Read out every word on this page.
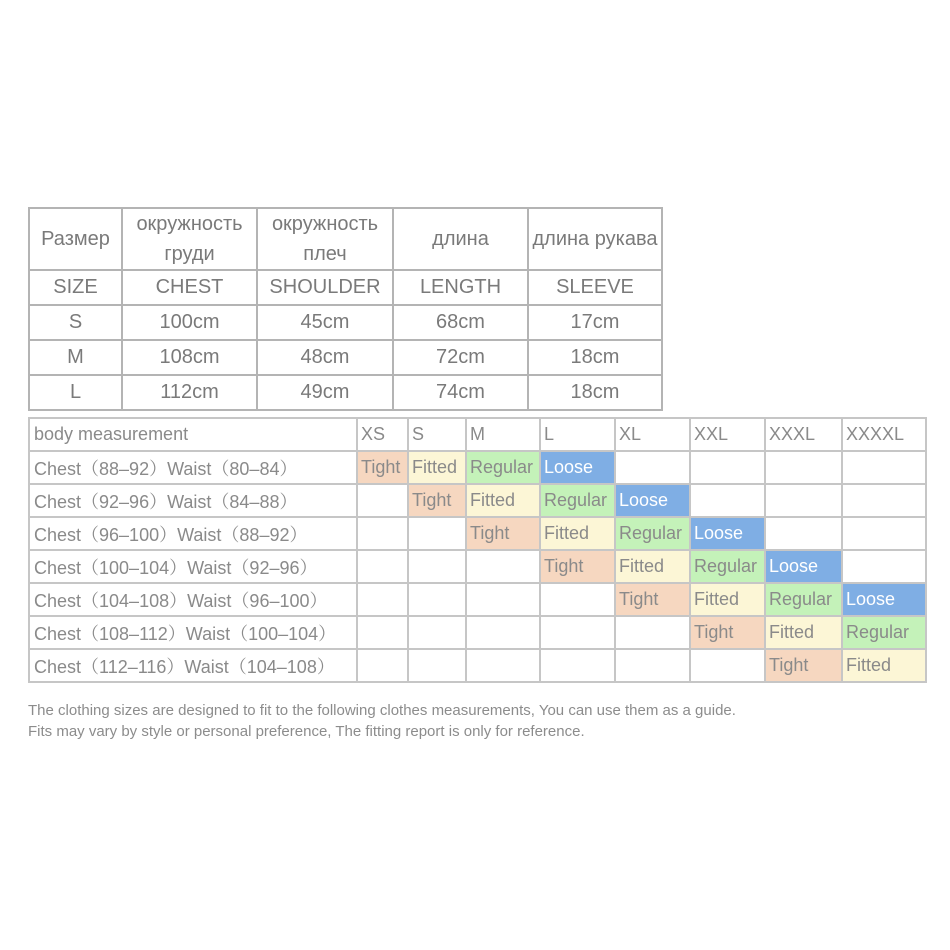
Размер	окружность груди	окружность плеч	длина	длина рукава
SIZE	CHEST	SHOULDER	LENGTH	SLEEVE
S	100cm	45cm	68cm	17cm
M	108cm	48cm	72cm	18cm
L	112cm	49cm	74cm	18cm
body measurement	XS	S	M	L	XL	XXL	XXXL	XXXXL
Chest（88–92）Waist（80–84）	Tight	Fitted	Regular	Loose				
Chest（92–96）Waist（84–88）		Tight	Fitted	Regular	Loose			
Chest（96–100）Waist（88–92）			Tight	Fitted	Regular	Loose		
Chest（100–104）Waist（92–96）				Tight	Fitted	Regular	Loose	
Chest（104–108）Waist（96–100）					Tight	Fitted	Regular	Loose
Chest（108–112）Waist（100–104）						Tight	Fitted	Regular
Chest（112–116）Waist（104–108）							Tight	Fitted

The clothing sizes are designed to fit to the following clothes measurements, You can use them as a guide.

Fits may vary by style or personal preference, The fitting report is only for reference.
